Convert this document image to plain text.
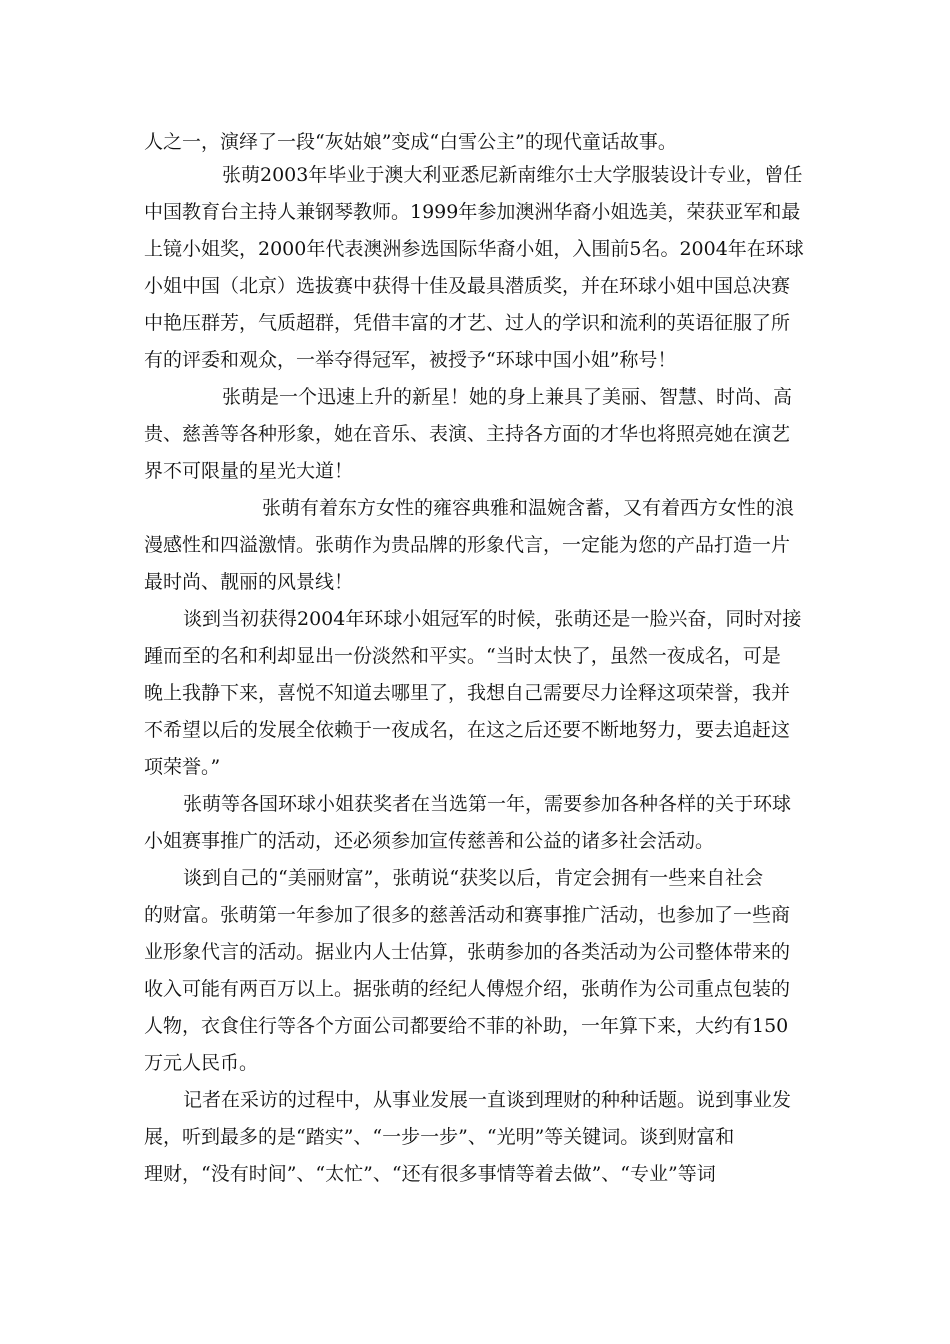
人之一，演绎了一段“灰姑娘”变成“白雪公主”的现代童话故事。

张萌2003年毕业于澳大利亚悉尼新南维尔士大学服装设计专业，曾任

中国教育台主持人兼钢琴教师。1999年参加澳洲华裔小姐选美，荣获亚军和最

上镜小姐奖，2000年代表澳洲参选国际华裔小姐，入围前5名。2004年在环球

小姐中国（北京）选拔赛中获得十佳及最具潜质奖，并在环球小姐中国总决赛

中艳压群芳，气质超群，凭借丰富的才艺、过人的学识和流利的英语征服了所

有的评委和观众，一举夺得冠军，被授予“环球中国小姐”称号！

张萌是一个迅速上升的新星！她的身上兼具了美丽、智慧、时尚、高

贵、慈善等各种形象，她在音乐、表演、主持各方面的才华也将照亮她在演艺

界不可限量的星光大道！

张萌有着东方女性的雍容典雅和温婉含蓄，又有着西方女性的浪

漫感性和四溢激情。张萌作为贵品牌的形象代言，一定能为您的产品打造一片

最时尚、靓丽的风景线！

谈到当初获得2004年环球小姐冠军的时候，张萌还是一脸兴奋，同时对接

踵而至的名和利却显出一份淡然和平实。“当时太快了，虽然一夜成名，可是

晚上我静下来，喜悦不知道去哪里了，我想自己需要尽力诠释这项荣誉，我并

不希望以后的发展全依赖于一夜成名，在这之后还要不断地努力，要去追赶这

项荣誉。”

张萌等各国环球小姐获奖者在当选第一年，需要参加各种各样的关于环球

小姐赛事推广的活动，还必须参加宣传慈善和公益的诸多社会活动。

谈到自己的“美丽财富”，张萌说“获奖以后，肯定会拥有一些来自社会

的财富。张萌第一年参加了很多的慈善活动和赛事推广活动，也参加了一些商

业形象代言的活动。据业内人士估算，张萌参加的各类活动为公司整体带来的

收入可能有两百万以上。据张萌的经纪人傅煜介绍，张萌作为公司重点包装的

人物，衣食住行等各个方面公司都要给不菲的补助，一年算下来，大约有150

万元人民币。

记者在采访的过程中，从事业发展一直谈到理财的种种话题。说到事业发

展，听到最多的是“踏实”、“一步一步”、“光明”等关键词。谈到财富和

理财，“没有时间”、“太忙”、“还有很多事情等着去做”、“专业”等词
